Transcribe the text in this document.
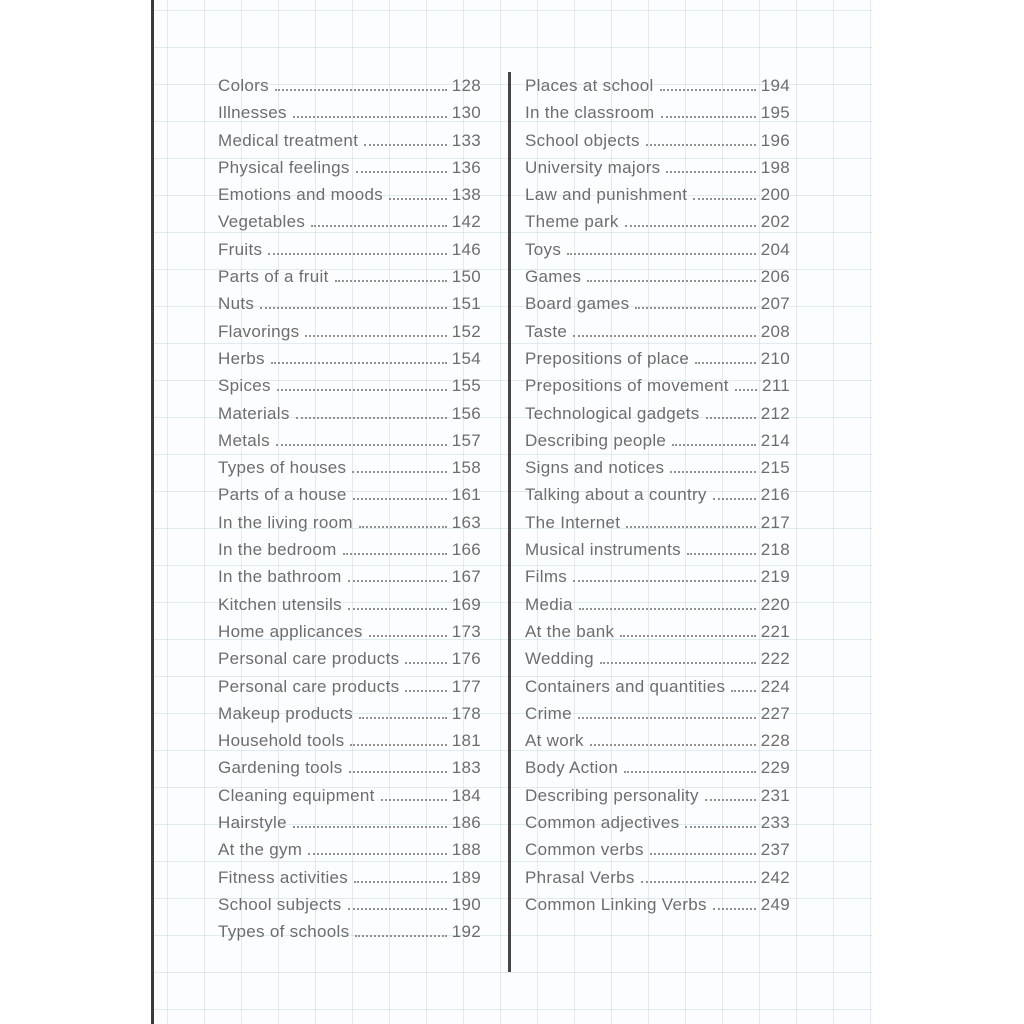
Colors	128
Illnesses	130
Medical treatment	133
Physical feelings	136
Emotions and moods	138
Vegetables	142
Fruits	146
Parts of a fruit	150
Nuts	151
Flavorings	152
Herbs	154
Spices	155
Materials	156
Metals	157
Types of houses	158
Parts of a house	161
In the living room	163
In the bedroom	166
In the bathroom	167
Kitchen utensils	169
Home applicances	173
Personal care products	176
Personal care products	177
Makeup products	178
Household tools	181
Gardening tools	183
Cleaning equipment	184
Hairstyle	186
At the gym	188
Fitness activities	189
School subjects	190
Types of schools	192
Places at school	194
In the classroom	195
School objects	196
University majors	198
Law and punishment	200
Theme park	202
Toys	204
Games	206
Board games	207
Taste	208
Prepositions of place	210
Prepositions of movement 211
Technological gadgets	212
Describing people	214
Signs and notices	215
Talking about a country	216
The Internet	217
Musical instruments	218
Films	219
Media	220
At the bank	221
Wedding	222
Containers and quantities 224
Crime	227
At work	228
Body Action	229
Describing personality	231
Common adjectives	233
Common verbs	237
Phrasal Verbs	242
Common Linking Verbs	249
